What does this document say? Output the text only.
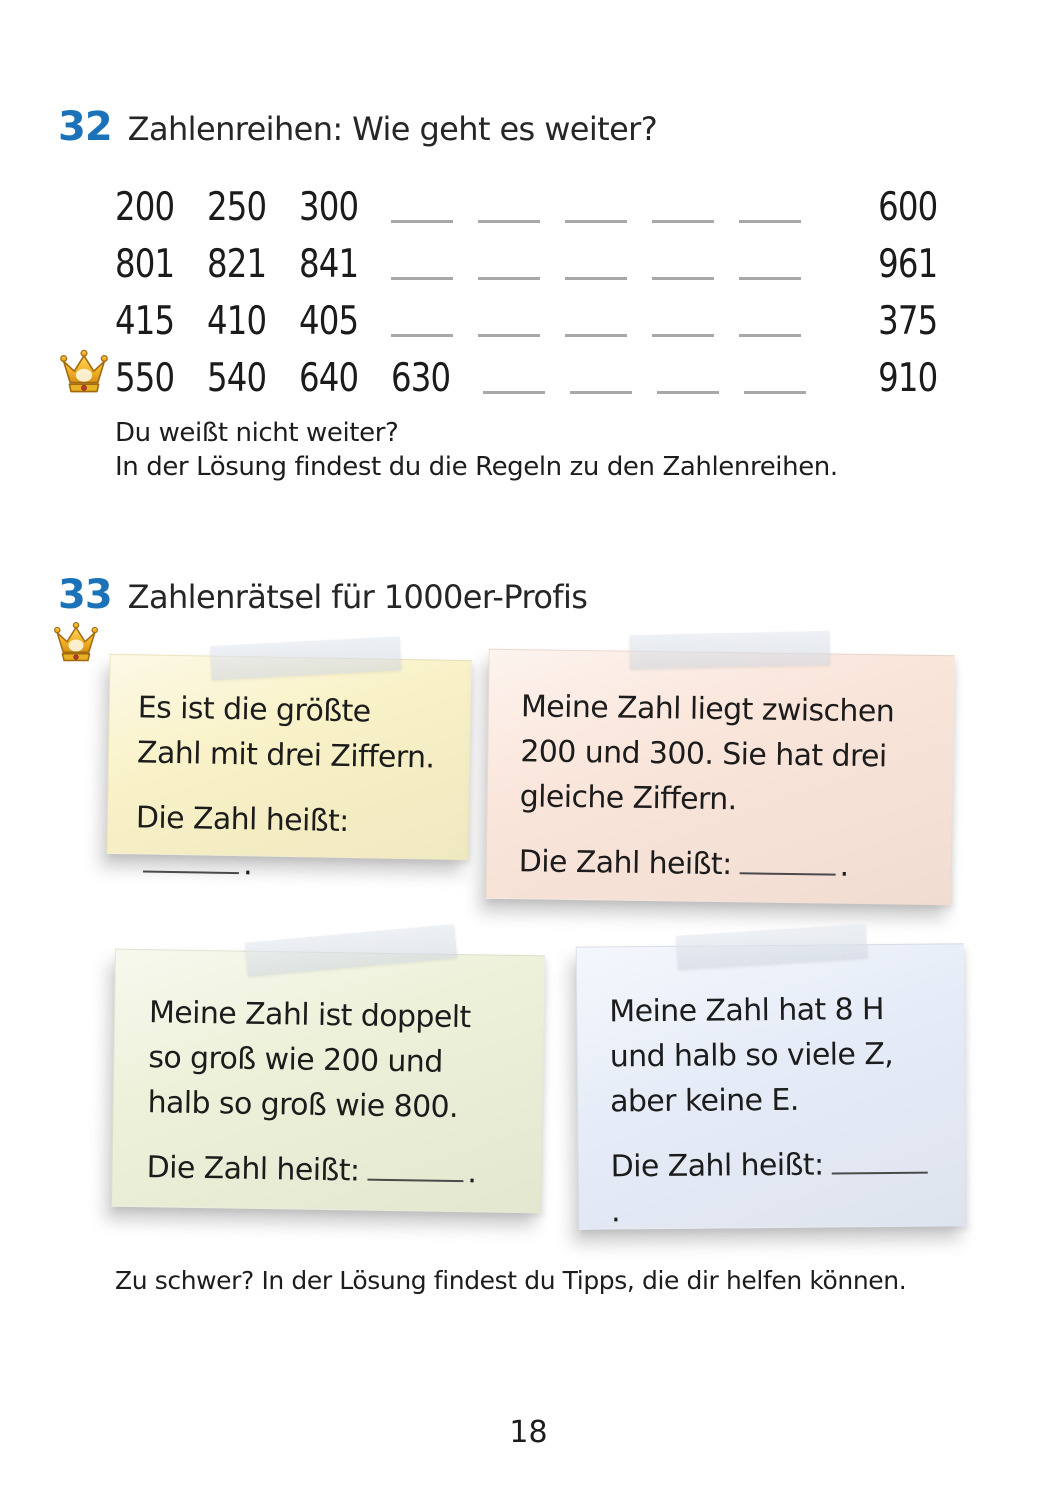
32 Zahlenreihen: Wie geht es weiter?
200 250 300	600
801 821 841	961
415 410 405	375
550 540 640 630	910

Du weißt nicht weiter?
In der Lösung findest du die Regeln zu den Zahlenreihen.

33 Zahlenrätsel für 1000er-Profis

Es ist die größte Zahl mit drei Ziffern.

Die Zahl heißt:.

Meine Zahl liegt zwischen 200 und 300. Sie hat drei gleiche Ziffern.

Die Zahl heißt:	.

Meine Zahl ist doppelt so groß wie 200 und halb so groß wie 800.

Die Zahl heißt:	.

Meine Zahl hat 8 H und halb so viele Z, aber keine E.

Die Zahl heißt:.

Zu schwer? In der Lösung findest du Tipps, die dir helfen können.

18
